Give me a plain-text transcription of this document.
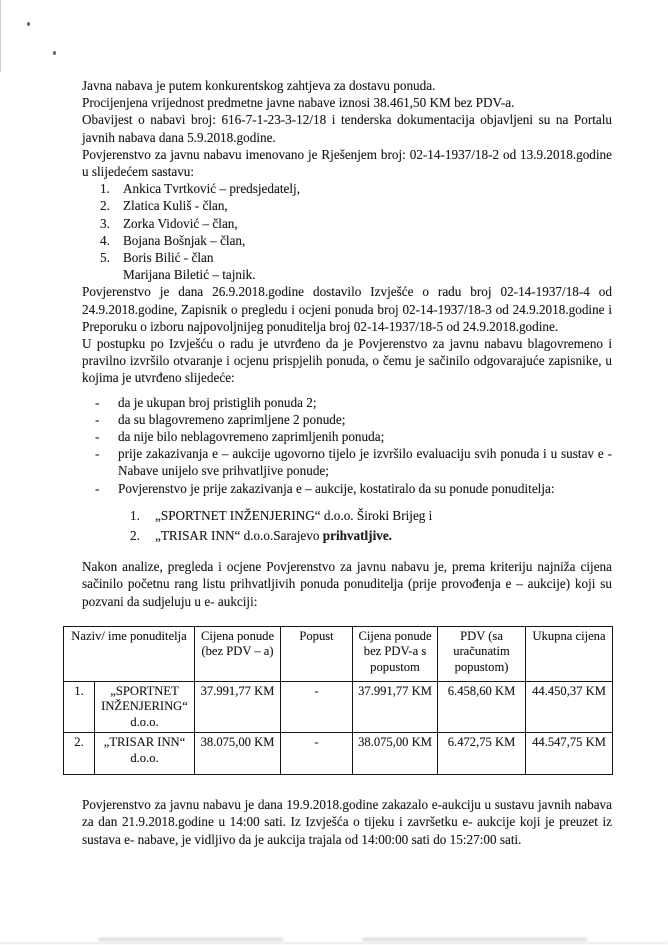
Javna nabava je putem konkurentskog zahtjeva za dostavu ponuda.

Procijenjena vrijednost predmetne javne nabave iznosi 38.461,50 KM bez PDV-a.

Obavijest o nabavi broj: 616-7-1-23-3-12/18 i tenderska dokumentacija objavljeni su na Portalu javnih nabava dana 5.9.2018.godine.

Povjerenstvo za javnu nabavu imenovano je Rješenjem broj: 02-14-1937/18-2 od 13.9.2018.godine u slijedećem sastavu:

1. Ankica Tvrtković – predsjedatelj,
2. Zlatica Kuliš - član,
3. Zorka Vidović – član,
4. Bojana Bošnjak – član,
5. Boris Bilić - član
Marijana Biletić – tajnik.

Povjerenstvo je dana 26.9.2018.godine dostavilo Izvješće o radu broj 02-14-1937/18-4 od 24.9.2018.godine, Zapisnik o pregledu i ocjeni ponuda broj 02-14-1937/18-3 od 24.9.2018.godine i Preporuku o izboru najpovoljnijeg ponuditelja broj 02-14-1937/18-5 od 24.9.2018.godine.

U postupku po Izvješću o radu je utvrđeno da je Povjerenstvo za javnu nabavu blagovremeno i pravilno izvršilo otvaranje i ocjenu prispjelih ponuda, o čemu je sačinilo odgovarajuće zapisnike, u kojima je utvrđeno slijedeće:

- da je ukupan broj pristiglih ponuda 2;
- da su blagovremeno zaprimljene 2 ponude;
- da nije bilo neblagovremeno zaprimljenih ponuda;
- prije zakazivanja e – aukcije ugovorno tijelo je izvršilo evaluaciju svih ponuda i u sustav e - Nabave unijelo sve prihvatljive ponude;
- Povjerenstvo je prije zakazivanja e – aukcije, kostatiralo da su ponude ponuditelja:
1. „SPORTNET INŽENJERING“ d.o.o. Široki Brijeg i
2. „TRISAR INN“ d.o.o.Sarajevo prihvatljive.

Nakon analize, pregleda i ocjene Povjerenstvo za javnu nabavu je, prema kriteriju najniža cijena sačinilo početnu rang listu prihvatljivih ponuda ponuditelja (prije provođenja e – aukcije) koji su pozvani da sudjeluju u e- aukciji:

Naziv/ ime ponuditelja		Cijena ponude (bez PDV – a)	Popust	Cijena ponude bez PDV-a s popustom	PDV (sa uračunatim popustom)	Ukupna cijena
1.	„SPORTNET INŽENJERING“ d.o.o.	37.991,77 KM	-	37.991,77 KM	6.458,60 KM	44.450,37 KM
2.	„TRISAR INN“ d.o.o.	38.075,00 KM	-	38.075,00 KM	6.472,75 KM	44.547,75 KM

Povjerenstvo za javnu nabavu je dana 19.9.2018.godine zakazalo e-aukciju u sustavu javnih nabava za dan 21.9.2018.godine u 14:00 sati. Iz Izvješća o tijeku i završetku e- aukcije koji je preuzet iz sustava e- nabave, je vidljivo da je aukcija trajala od 14:00:00 sati do 15:27:00 sati.
